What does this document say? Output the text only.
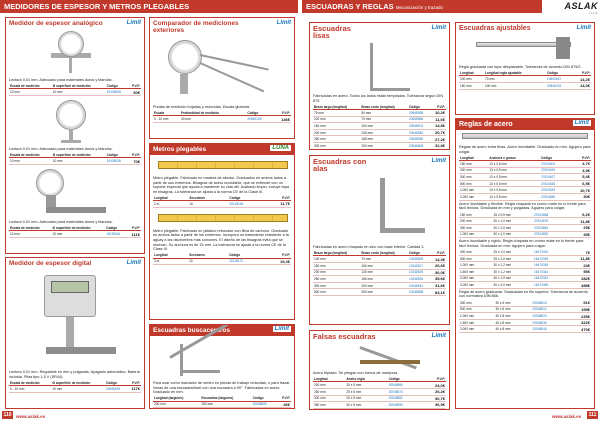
MEDIDORES DE ESPESOR Y METROS PLEGABLES	ESCUADRAS Y REGLAS Mecanización y trazado	ASLAK
tools
Medidor de espesor analógico	Limit
Lectura 0,01 mm. Adecuado para materiales duros y blandos.
Escala de medición	Ø superficie de medición	Código	P.V.P.
10 mm	10 mm	19135028	60€
Lectura 0,01 mm. Adecuado para materiales duros y blandos.
Escala de medición	Ø superficie de medición	Código	P.V.P.
10 mm	10 mm	19135036	70€
Lectura 0,01 mm. Adecuado para materiales duros y blandos.
Escala de medición	Ø superficie de medición	Código	P.V.P.
10 mm	10 mm	19135044	111€
Medidor de espesor digital	Limit
Lectura 0,01 mm. Regulable en mm y pulgadas. Apagado automático. Batería incluida. Pilas tipo 1,5 V (SR44).
Escala de medición	Ø superficie de medición	Código	P.V.P.
0 - 10 mm	10 mm	20546199	117€
Comparador de mediciones exteriores
Limit
Puntas de medición forjadas y redondas. Escala giratoria.
Escala	Profundidad de medición	Código	P.V.P.
0 - 10 mm	40 mm	20549169	146€
Metros plegables	LUNA
Metro plegable. Fabricado en madera de abedul. Graduados en ambos lados a partir de sus extremos. Bisagras de acero inoxidable, que se extiende con un soporte especial que ayuda a mantener su vida útil. Acabado limpio, incluye tapa en bisagras. La tolerancia se ajusta a la norma CE de la Clase III.
Longitud	Secciones	Código	P.V.P.
2 m	10	20118164	11,7€
Metro plegable. Fabricado en plástico reforzado con fibra de carbono. Graduado en ambos lados a partir de los extremos. Incorpora un tratamiento resistente a la aguay a los disolventes más comunes. El diseño de las bisagras evita que se muevan. Su anchura es de 15 mm. La tolerancia se ajusta a la norma CE de la Clase III.
Longitud	Secciones	Código	P.V.P.
2 m	10	20118172	19,4€
Escuadras buscacentros	Limit
Para usar como marcador de centro en piezas de trabajo redondas, o para trazar líneas de una escuadra/bisel con una escuadra a 90°. Fabricadas en acero. Graduado en mm.
Longitud (larguero)	Escuadras (larguero)	Código	P.V.P.
200 mm	150 mm	20548899	46€
Escuadras lisas
Limit
Fabricadas en acero. Todos los lados están templados. Tolerancia según DIN 875.
Brazo largo (longitud)	Brazo corto (longitud)	Código	P.V.P.
75 mm	50 mm	20548558	10,2€
100 mm	70 mm	20548566	11,6€
150 mm	100 mm	20548574	14,8€
200 mm	130 mm	20548582	20,7€
250 mm	165 mm	20548590	27,2€
300 mm	200 mm	20548608	32,8€
Escuadras con alas
Limit
Fabricadas en acero chapado en zinc con base inferior. Calidad 3.
Brazo largo (longitud)	Brazo corto (longitud)	Código	P.V.P.
100 mm	70 mm	10248509	14,3€
150 mm	100 mm	10248517	20,6€
200 mm	130 mm	10248525	30,0€
250 mm	165 mm	10248533	35,6€
300 mm	200 mm	10248541	41,6€
500 mm	300 mm	10248558	84,1€
Falsas escuadras	Limit
Acero triplado. Se pliegan con tuerca de mariposa.
Longitud	Ancho regla	Código	P.V.P.
200 mm	20 x 5 mm	20548566	24,0€
250 mm	20 x 5 mm	20548574	26,2€
300 mm	20 x 5 mm	20548582	30,7€
350 mm	20 x 5 mm	20548590	36,9€
Escuadras ajustables	Limit
Regla graduada con tope desplazable. Tolerancia de acuerdo DIN 875/2.
Longitud	Longitud regla ajustable	Código	P.V.P.
100 mm	70 mm	10500637	14,2€
150 mm	100 mm	20546215	14,0€
Reglas de acero	Limit
Reglas de acero extra finas. Acero inoxidable. Graduado en mm. Agujero para colgar.
Longitud	Anchura x grosor	Código	P.V.P.
150 mm	13 x 0,5 mm	27624601	4,7€
200 mm	13 x 0,5 mm	27624619	4,9€
300 mm	13 x 0,5 mm	27624627	5,4€
500 mm	13 x 0,5 mm	27624635	6,5€
1.000 mm	13 x 0,5 mm	27624643	10,7€
2.000 mm	13 x 0,5 mm	27624650	30€
Acero inoxidable y flexible. Regla chapada en cromo mate en lo frente para fácil lectura. Graduada en mm y pulgadas. Agujero para colgar.
150 mm	15 x 0,5 mm	27624668	6,2€
200 mm	20 x 1,0 mm	27624676	11,8€
300 mm	30 x 1,0 mm	27624684	25€
1.000 mm	30 x 1,0 mm	27624692	45€
Acero inoxidable y rígido. Regla chapada en cromo mate en lo frente para fácil lectura. Graduada en mm. Agujero para colgar.
300 mm	25 x 1,0 mm	16470310	7€
500 mm	25 x 1,0 mm	16470328	11,8€
1.000 mm	30 x 1,2 mm	16470336	24€
1.500 mm	30 x 1,2 mm	16470344	55€
2.000 mm	40 x 1,5 mm	16470351	282€
3.000 mm	40 x 2,0 mm	16470369	488€
Regla de acero graduada. Graduadas en filo superior. Tolerancia de acuerdo con normativa DIN 866.
300 mm	30 x 6 mm	20548004	61€
500 mm	30 x 6 mm	20548012	195€
1.000 mm	40 x 8 mm	20548020	235€
1.500 mm	40 x 8 mm	20548038	322€
2.000 mm	40 x 8 mm	20548046	470€
110 www.aslak.es	www.aslak.es	111
